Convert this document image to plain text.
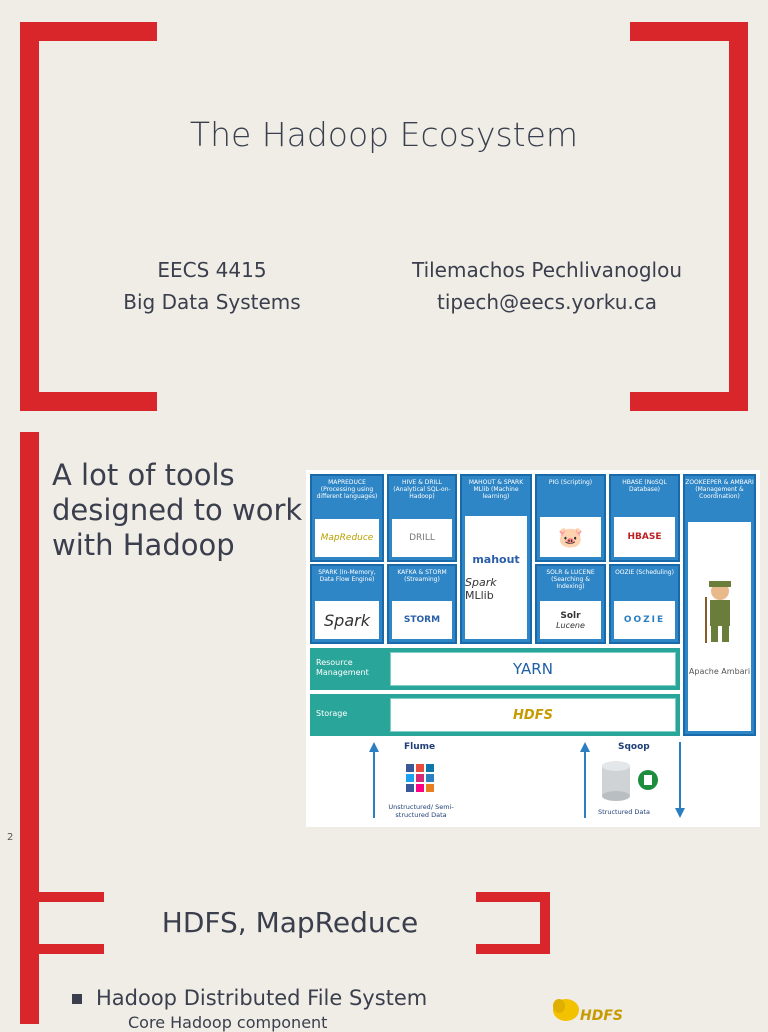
The Hadoop Ecosystem
EECS 4415
Big Data Systems
Tilemachos Pechlivanoglou
tipech@eecs.yorku.ca
A lot of tools designed to work with Hadoop
MAPREDUCE (Processing using different languages)
MapReduce
HIVE & DRILL (Analytical SQL-on-Hadoop)
DRILL
MAHOUT & SPARK MLlib (Machine learning)
mahout
Spark MLlib
PIG (Scripting)
🐷
HBASE (NoSQL Database)
HBASE
ZOOKEEPER & AMBARI (Management & Coordination)
Apache Ambari
SPARK (In-Memory, Data Flow Engine)
Spark
KAFKA & STORM (Streaming)
STORM
SOLR & LUCENE (Searching & Indexing)
Solr
Lucene
OOZIE (Scheduling)
OOZIE
Resource Management	YARN
Storage	HDFS
Flume
Unstructured/ Semi-structured Data
Sqoop
Structured Data
2
HDFS, MapReduce
Hadoop Distributed File System
Core Hadoop component	HDFS
